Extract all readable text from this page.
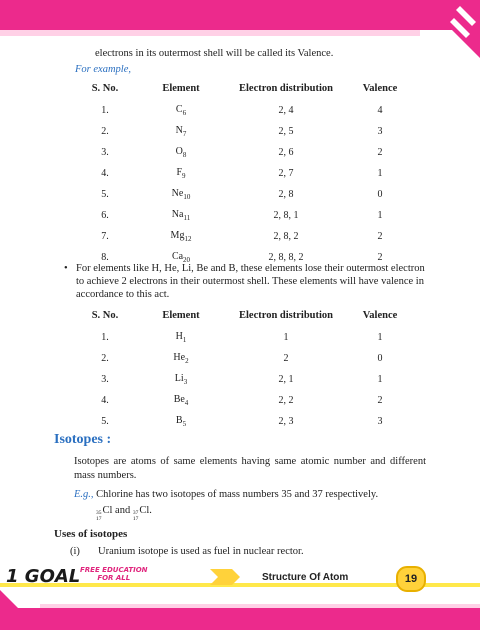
electrons in its outermost shell will be called its Valence.
For example,
S. No.	Element	Electron distribution	Valence
1.	$C_6$	2, 4	4
2.	$N_7$	2, 5	3
3.	$O_8$	2, 6	2
4.	$F_9$	2, 7	1
5.	$Ne_{10}$	2, 8	0
6.	$Na_{11}$	2, 8, 1	1
7.	$Mg_{12}$	2, 8, 2	2
8.	$Ca_{20}$	2, 8, 8, 2	2
• For elements like H, He, Li, Be and B, these elements lose their outermost electron to achieve 2 electrons in their outermost shell. These elements will have valence in accordance to this act.
S. No.	Element	Electron distribution	Valence
1.	$H_1$	1	1
2.	$He_2$	2	0
3.	$Li_3$	2, 1	1
4.	$Be_4$	2, 2	2
5.	$B_5$	2, 3	3
Isotopes :
Isotopes are atoms of same elements having same atomic number and different mass numbers.
E.g., Chlorine has two isotopes of mass numbers 35 and 37 respectively.
35
17
Cl and 37
17
Cl.
Uses of isotopes
(i) Uranium isotope is used as fuel in nuclear rector.
1 GOAL FREE EDUCATION
FOR ALL	Structure Of Atom	19
